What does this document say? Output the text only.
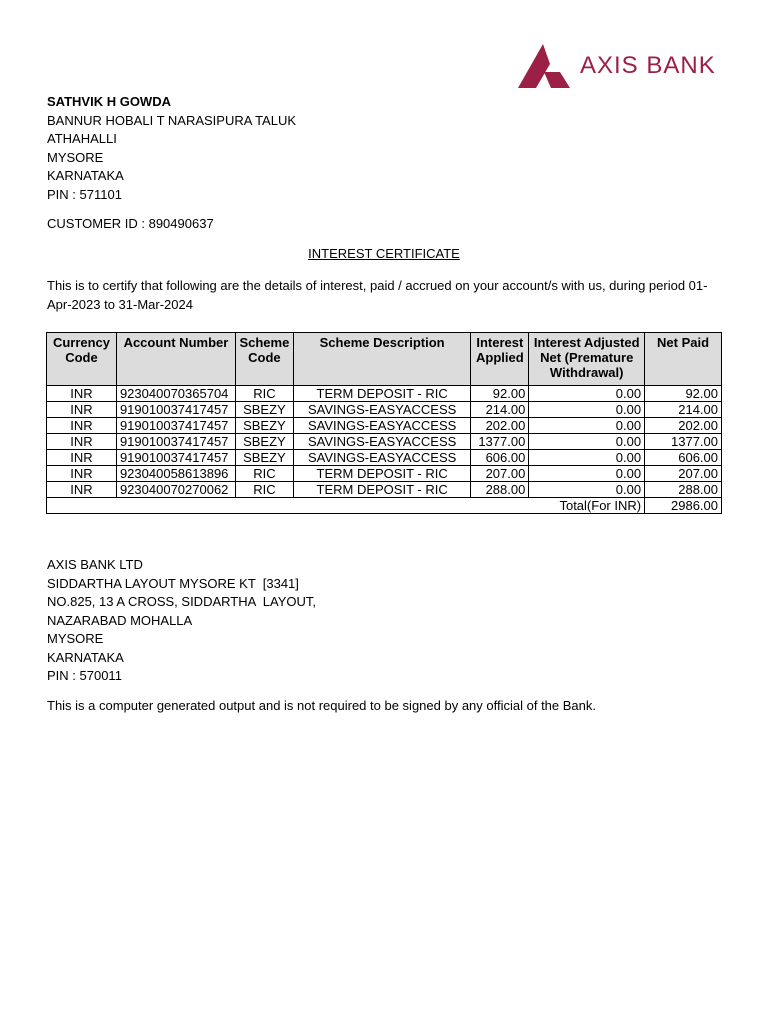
AXIS BANK
SATHVIK H GOWDA
BANNUR HOBALI T NARASIPURA TALUK
ATHAHALLI
MYSORE
KARNATAKA
PIN : 571101
CUSTOMER ID : 890490637
INTEREST CERTIFICATE
This is to certify that following are the details of interest, paid / accrued on your account/s with us, during period 01-Apr-2023 to 31-Mar-2024
Currency Code	Account Number	Scheme Code	Scheme Description	Interest Applied	Interest Adjusted Net (Premature Withdrawal)	Net Paid
INR	923040070365704	RIC	TERM DEPOSIT - RIC	92.00	0.00	92.00
INR	919010037417457	SBEZY	SAVINGS-EASYACCESS	214.00	0.00	214.00
INR	919010037417457	SBEZY	SAVINGS-EASYACCESS	202.00	0.00	202.00
INR	919010037417457	SBEZY	SAVINGS-EASYACCESS	1377.00	0.00	1377.00
INR	919010037417457	SBEZY	SAVINGS-EASYACCESS	606.00	0.00	606.00
INR	923040058613896	RIC	TERM DEPOSIT - RIC	207.00	0.00	207.00
INR	923040070270062	RIC	TERM DEPOSIT - RIC	288.00	0.00	288.00
					Total(For INR)	2986.00
AXIS BANK LTD
SIDDARTHA LAYOUT MYSORE KT  [3341]
NO.825, 13 A CROSS, SIDDARTHA  LAYOUT,
NAZARABAD MOHALLA
MYSORE
KARNATAKA
PIN : 570011
This is a computer generated output and is not required to be signed by any official of the Bank.
